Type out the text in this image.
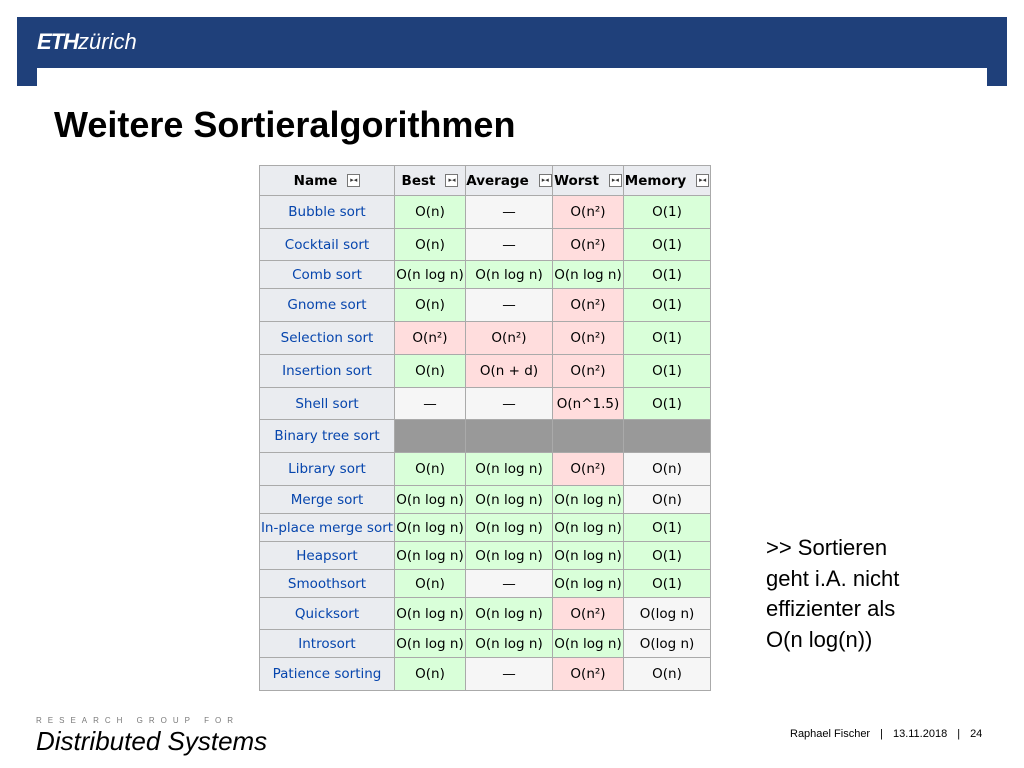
ETHzürich
Weitere Sortieralgorithmen
Name ▸◂	Best ▸◂	Average ▸◂	Worst ▸◂	Memory ▸◂

Bubble sort	O(n)	—	O(n²)	O(1)
Cocktail sort	O(n)	—	O(n²)	O(1)
Comb sort	O(n log n)	O(n log n)	O(n log n)	O(1)
Gnome sort	O(n)	—	O(n²)	O(1)
Selection sort	O(n²)	O(n²)	O(n²)	O(1)
Insertion sort	O(n)	O(n + d)	O(n²)	O(1)
Shell sort	—	—	O(n^1.5)	O(1)
Binary tree sort				
Library sort	O(n)	O(n log n)	O(n²)	O(n)
Merge sort	O(n log n)	O(n log n)	O(n log n)	O(n)
In-place merge sort	O(n log n)	O(n log n)	O(n log n)	O(1)
Heapsort	O(n log n)	O(n log n)	O(n log n)	O(1)
Smoothsort	O(n)	—	O(n log n)	O(1)
Quicksort	O(n log n)	O(n log n)	O(n²)	O(log n)
Introsort	O(n log n)	O(n log n)	O(n log n)	O(log n)
Patience sorting	O(n)	—	O(n²)	O(n)
>> Sortieren
geht i.A. nicht
effizienter als
O(n log(n))
RESEARCH GROUP FOR
Distributed Systems	Raphael Fischer | 13.11.2018 | 24
